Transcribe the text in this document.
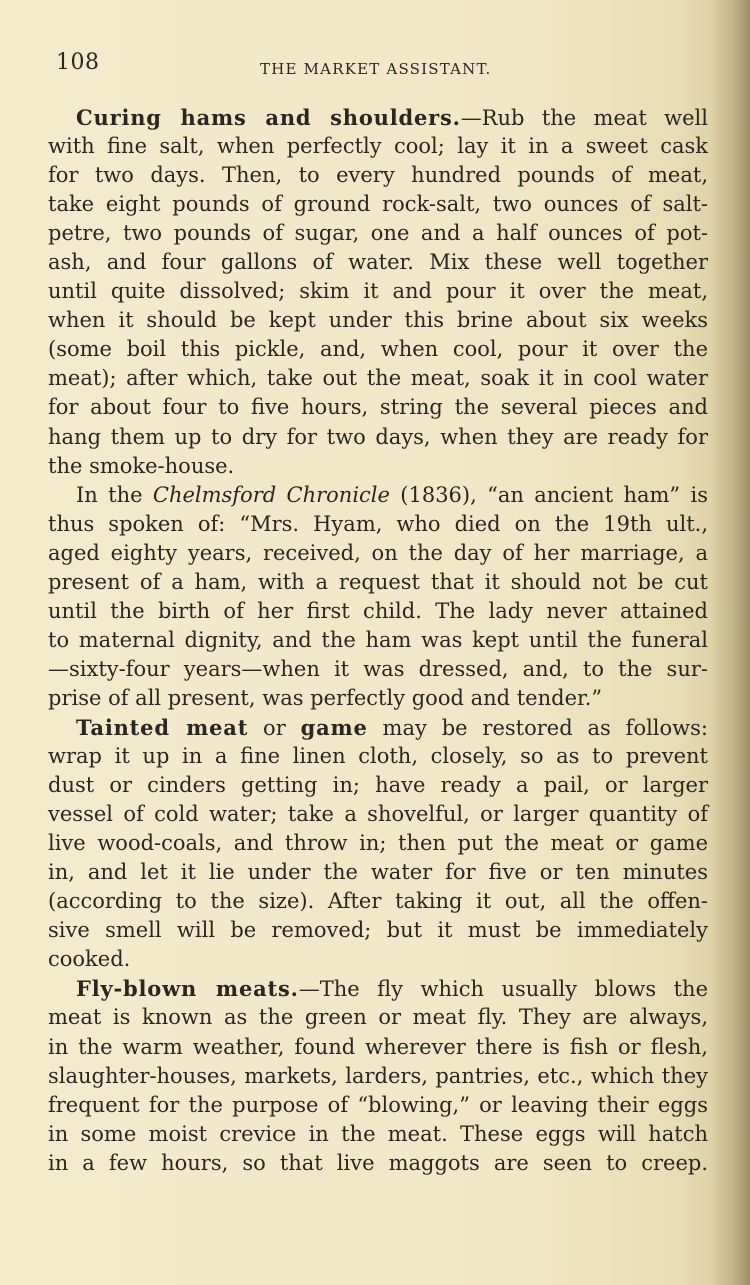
108	THE MARKET ASSISTANT.
Curing hams and shoulders.—Rub the meat well
with fine salt, when perfectly cool; lay it in a sweet cask
for two days. Then, to every hundred pounds of meat,
take eight pounds of ground rock-salt, two ounces of salt-
petre, two pounds of sugar, one and a half ounces of pot-
ash, and four gallons of water. Mix these well together
until quite dissolved; skim it and pour it over the meat,
when it should be kept under this brine about six weeks
(some boil this pickle, and, when cool, pour it over the
meat); after which, take out the meat, soak it in cool water
for about four to five hours, string the several pieces and
hang them up to dry for two days, when they are ready for
the smoke-house.
In the Chelmsford Chronicle (1836), “an ancient ham” is
thus spoken of: “Mrs. Hyam, who died on the 19th ult.,
aged eighty years, received, on the day of her marriage, a
present of a ham, with a request that it should not be cut
until the birth of her first child. The lady never attained
to maternal dignity, and the ham was kept until the funeral
—sixty-four years—when it was dressed, and, to the sur-
prise of all present, was perfectly good and tender.”
Tainted meat or game may be restored as follows:
wrap it up in a fine linen cloth, closely, so as to prevent
dust or cinders getting in; have ready a pail, or larger
vessel of cold water; take a shovelful, or larger quantity of
live wood-coals, and throw in; then put the meat or game
in, and let it lie under the water for five or ten minutes
(according to the size). After taking it out, all the offen-
sive smell will be removed; but it must be immediately
cooked.
Fly-blown meats.—The fly which usually blows the
meat is known as the green or meat fly. They are always,
in the warm weather, found wherever there is fish or flesh,
slaughter-houses, markets, larders, pantries, etc., which they
frequent for the purpose of “blowing,” or leaving their eggs
in some moist crevice in the meat. These eggs will hatch
in a few hours, so that live maggots are seen to creep.
